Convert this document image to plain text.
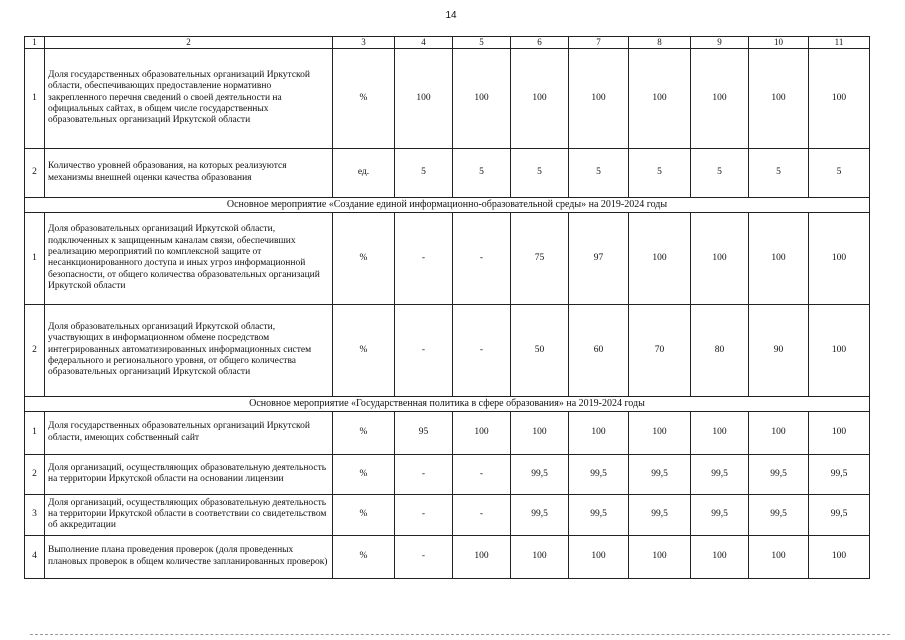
14
1	2	3	4	5	6	7	8	9	10	11
1	Доля государственных образовательных организаций Иркутской области, обеспечивающих предоставление нормативно закрепленного перечня сведений о своей деятельности на официальных сайтах, в общем числе государственных образовательных организаций Иркутской области	%	100	100	100	100	100	100	100	100
2	Количество уровней образования, на которых реализуются механизмы внешней оценки качества образования	ед.	5	5	5	5	5	5	5	5
Основное мероприятие «Создание единой информационно-образовательной среды» на 2019-2024 годы										
1	Доля образовательных организаций Иркутской области, подключенных к защищенным каналам связи, обеспечивших реализацию мероприятий по комплексной защите от несанкционированного доступа и иных угроз информационной безопасности, от общего количества образовательных организаций Иркутской области	%	-	-	75	97	100	100	100	100
2	Доля образовательных организаций Иркутской области, участвующих в информационном обмене посредством интегрированных автоматизированных информационных систем федерального и регионального уровня, от общего количества образовательных организаций Иркутской области	%	-	-	50	60	70	80	90	100
Основное мероприятие «Государственная политика в сфере образования» на 2019-2024 годы										
1	Доля государственных образовательных организаций Иркутской области, имеющих собственный сайт	%	95	100	100	100	100	100	100	100
2	Доля организаций, осуществляющих образовательную деятельность на территории Иркутской области на основании лицензии	%	-	-	99,5	99,5	99,5	99,5	99,5	99,5
3	Доля организаций, осуществляющих образовательную деятельность на территории Иркутской области в соответствии со свидетельством об аккредитации	%	-	-	99,5	99,5	99,5	99,5	99,5	99,5
4	Выполнение плана проведения проверок (доля проведенных плановых проверок в общем количестве запланированных проверок)	%	-	100	100	100	100	100	100	100
